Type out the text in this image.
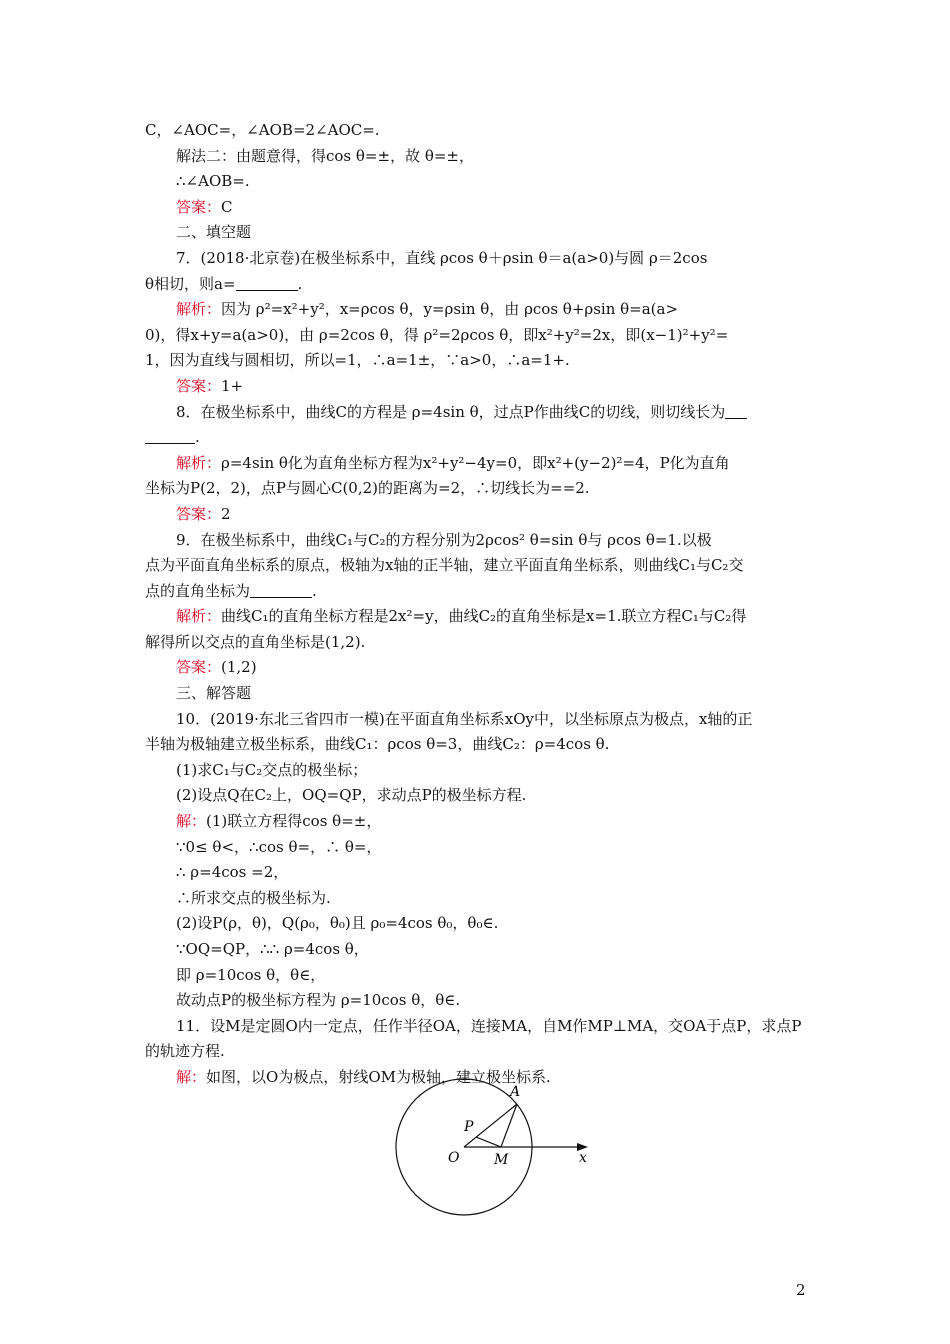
C，∠AOC=，∠AOB=2∠AOC=.
解法二：由题意得，得cos θ=±，故 θ=±，
∴∠AOB=.
答案：C
二、填空题
7．(2018·北京卷)在极坐标系中，直线 ρcos θ＋ρsin θ＝a(a>0)与圆 ρ＝2cos
θ相切，则a=	.
解析：因为 ρ²=x²+y²，x=ρcos θ，y=ρsin θ，由 ρcos θ+ρsin θ=a(a>
0)，得x+y=a(a>0)，由 ρ=2cos θ，得 ρ²=2ρcos θ，即x²+y²=2x，即(x−1)²+y²=
1，因为直线与圆相切，所以=1，∴a=1±，∵a>0，∴a=1+.
答案：1+
8．在极坐标系中，曲线C的方程是 ρ=4sin θ，过点P作曲线C的切线，则切线长为
.
解析：ρ=4sin θ化为直角坐标方程为x²+y²−4y=0，即x²+(y−2)²=4，P化为直角
坐标为P(2，2)，点P与圆心C(0,2)的距离为=2，∴切线长为==2.
答案：2
9．在极坐标系中，曲线C₁与C₂的方程分别为2ρcos² θ=sin θ与 ρcos θ=1.以极
点为平面直角坐标系的原点，极轴为x轴的正半轴，建立平面直角坐标系，则曲线C₁与C₂交
点的直角坐标为	.
解析：曲线C₁的直角坐标方程是2x²=y，曲线C₂的直角坐标是x=1.联立方程C₁与C₂得
解得所以交点的直角坐标是(1,2).
答案：(1,2)
三、解答题
10．(2019·东北三省四市一模)在平面直角坐标系xOy中，以坐标原点为极点，x轴的正
半轴为极轴建立极坐标系，曲线C₁：ρcos θ=3，曲线C₂：ρ=4cos θ.
(1)求C₁与C₂交点的极坐标；
(2)设点Q在C₂上，OQ=QP，求动点P的极坐标方程.
解：(1)联立方程得cos θ=±，
∵0≤ θ<，∴cos θ=，∴ θ=，
∴ ρ=4cos =2，
∴所求交点的极坐标为.
(2)设P(ρ，θ)，Q(ρ₀，θ₀)且 ρ₀=4cos θ₀，θ₀∈.
∵OQ=QP，∴∴ ρ=4cos θ，
即 ρ=10cos θ，θ∈，
故动点P的极坐标方程为 ρ=10cos θ，θ∈.
11．设M是定圆O内一定点，任作半径OA，连接MA，自M作MP⊥MA，交OA于点P，求点P
的轨迹方程.
解：如图，以O为极点，射线OM为极轴，建立极坐标系.
A
P
O M	x
2
